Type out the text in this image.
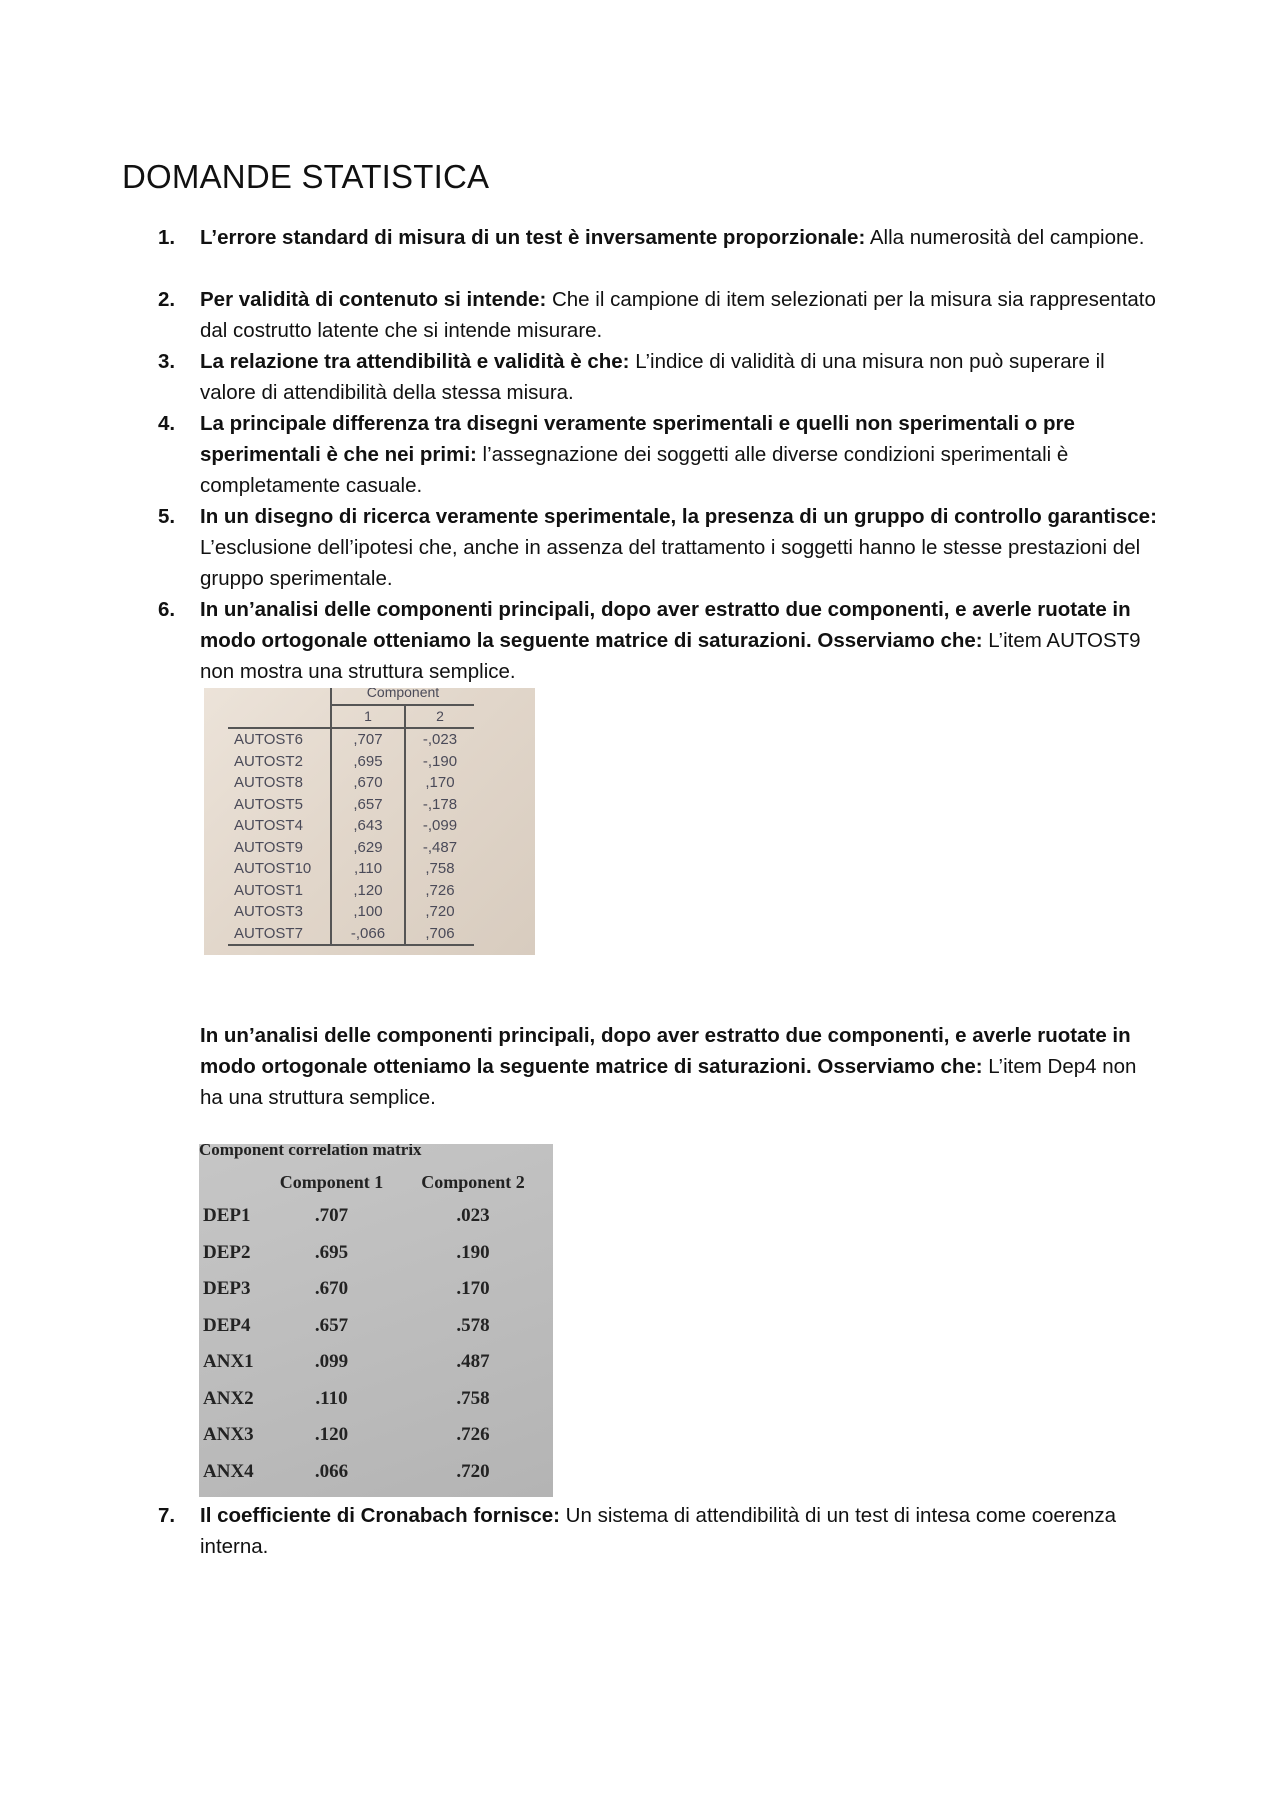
DOMANDE STATISTICA
1.	L’errore standard di misura di un test è inversamente proporzionale: Alla numerosità del campione.
2.	Per validità di contenuto si intende: Che il campione di item selezionati per la misura sia rappresentato dal costrutto latente che si intende misurare.
3.	La relazione tra attendibilità e validità è che: L’indice di validità di una misura non può superare il valore di attendibilità della stessa misura.
4.	La principale differenza tra disegni veramente sperimentali e quelli non sperimentali o pre sperimentali è che nei primi: l’assegnazione dei soggetti alle diverse condizioni sperimentali è completamente casuale.
5.	In un disegno di ricerca veramente sperimentale, la presenza di un gruppo di controllo garantisce: L’esclusione dell’ipotesi che, anche in assenza del trattamento i soggetti hanno le stesse prestazioni del gruppo sperimentale.
6.	In un’analisi delle componenti principali, dopo aver estratto due componenti, e averle ruotate in modo ortogonale otteniamo la seguente matrice di saturazioni. Osserviamo che: L’item AUTOST9 non mostra una struttura semplice.
	Component	
	1	2
AUTOST6	,707	-,023
AUTOST2	,695	-,190
AUTOST8	,670	,170
AUTOST5	,657	-,178
AUTOST4	,643	-,099
AUTOST9	,629	-,487
AUTOST10	,110	,758
AUTOST1	,120	,726
AUTOST3	,100	,720
AUTOST7	-,066	,706
In un’analisi delle componenti principali, dopo aver estratto due componenti, e averle ruotate in modo ortogonale otteniamo la seguente matrice di saturazioni. Osserviamo che: L’item Dep4 non ha una struttura semplice.
Component correlation matrix
	Component 1	Component 2
DEP1	.707	.023
DEP2	.695	.190
DEP3	.670	.170
DEP4	.657	.578
ANX1	.099	.487
ANX2	.110	.758
ANX3	.120	.726
ANX4	.066	.720
7.	Il coefficiente di Cronabach fornisce: Un sistema di attendibilità di un test di intesa come coerenza interna.
